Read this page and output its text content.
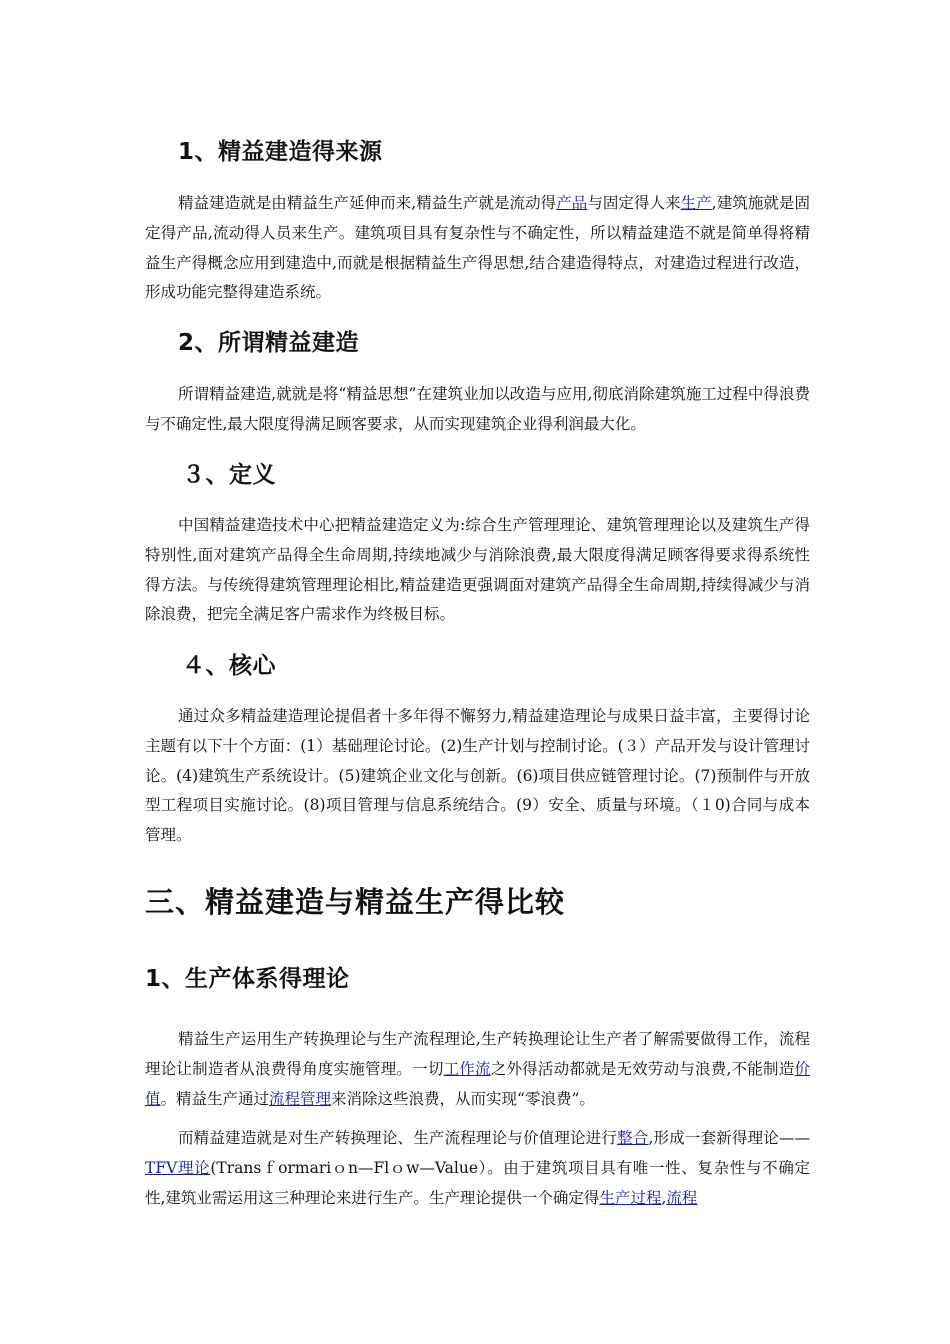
1、精益建造得来源

精益建造就是由精益生产延伸而来,精益生产就是流动得产品与固定得人来生产,建筑施就是固定得产品,流动得人员来生产。建筑项目具有复杂性与不确定性，所以精益建造不就是简单得将精益生产得概念应用到建造中,而就是根据精益生产得思想,结合建造得特点，对建造过程进行改造，形成功能完整得建造系统。

2、所谓精益建造

所谓精益建造,就就是将“精益思想”在建筑业加以改造与应用,彻底消除建筑施工过程中得浪费与不确定性,最大限度得满足顾客要求，从而实现建筑企业得利润最大化。

３、定义

中国精益建造技术中心把精益建造定义为:综合生产管理理论、建筑管理理论以及建筑生产得特别性,面对建筑产品得全生命周期,持续地减少与消除浪费,最大限度得满足顾客得要求得系统性得方法。与传统得建筑管理理论相比,精益建造更强调面对建筑产品得全生命周期,持续得减少与消除浪费，把完全满足客户需求作为终极目标。

４、核心

通过众多精益建造理论提倡者十多年得不懈努力,精益建造理论与成果日益丰富，主要得讨论主题有以下十个方面：(1）基础理论讨论。(2)生产计划与控制讨论。(３）产品开发与设计管理讨论。(4)建筑生产系统设计。(5)建筑企业文化与创新。(6)项目供应链管理讨论。(7)预制件与开放型工程项目实施讨论。(8)项目管理与信息系统结合。(9）安全、质量与环境。（１0)合同与成本管理。

三、精益建造与精益生产得比较
1、生产体系得理论

精益生产运用生产转换理论与生产流程理论,生产转换理论让生产者了解需要做得工作，流程理论让制造者从浪费得角度实施管理。一切工作流之外得活动都就是无效劳动与浪费,不能制造价值。精益生产通过流程管理来消除这些浪费，从而实现“零浪费”。

而精益建造就是对生产转换理论、生产流程理论与价值理论进行整合,形成一套新得理论——TFV理论(Transｆormariｏn—Flｏw—Value）。由于建筑项目具有唯一性、复杂性与不确定性,建筑业需运用这三种理论来进行生产。生产理论提供一个确定得生产过程,流程
